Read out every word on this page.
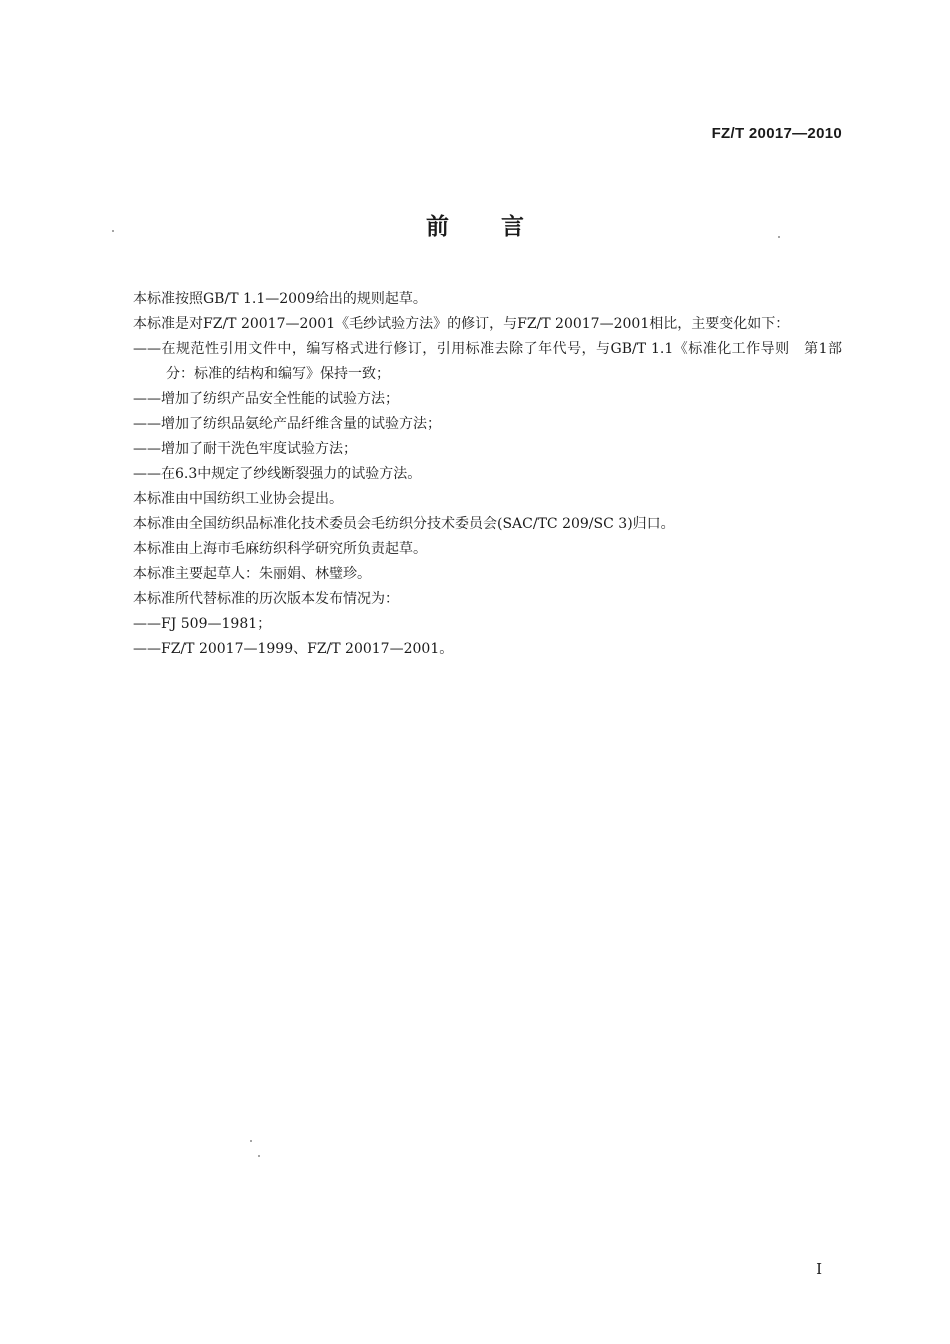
FZ/T 20017—2010
前言

本标准按照GB/T 1.1—2009给出的规则起草。

本标准是对FZ/T 20017—2001《毛纱试验方法》的修订，与FZ/T 20017—2001相比，主要变化如下：

——在规范性引用文件中，编写格式进行修订，引用标准去除了年代号，与GB/T 1.1《标准化工作导则　第1部分：标准的结构和编写》保持一致；

——增加了纺织产品安全性能的试验方法；

——增加了纺织品氨纶产品纤维含量的试验方法；

——增加了耐干洗色牢度试验方法；

——在6.3中规定了纱线断裂强力的试验方法。

本标准由中国纺织工业协会提出。

本标准由全国纺织品标准化技术委员会毛纺织分技术委员会(SAC/TC 209/SC 3)归口。

本标准由上海市毛麻纺织科学研究所负责起草。

本标准主要起草人：朱丽娟、林璧珍。

本标准所代替标准的历次版本发布情况为：

——FJ 509—1981；

——FZ/T 20017—1999、FZ/T 20017—2001。

I
